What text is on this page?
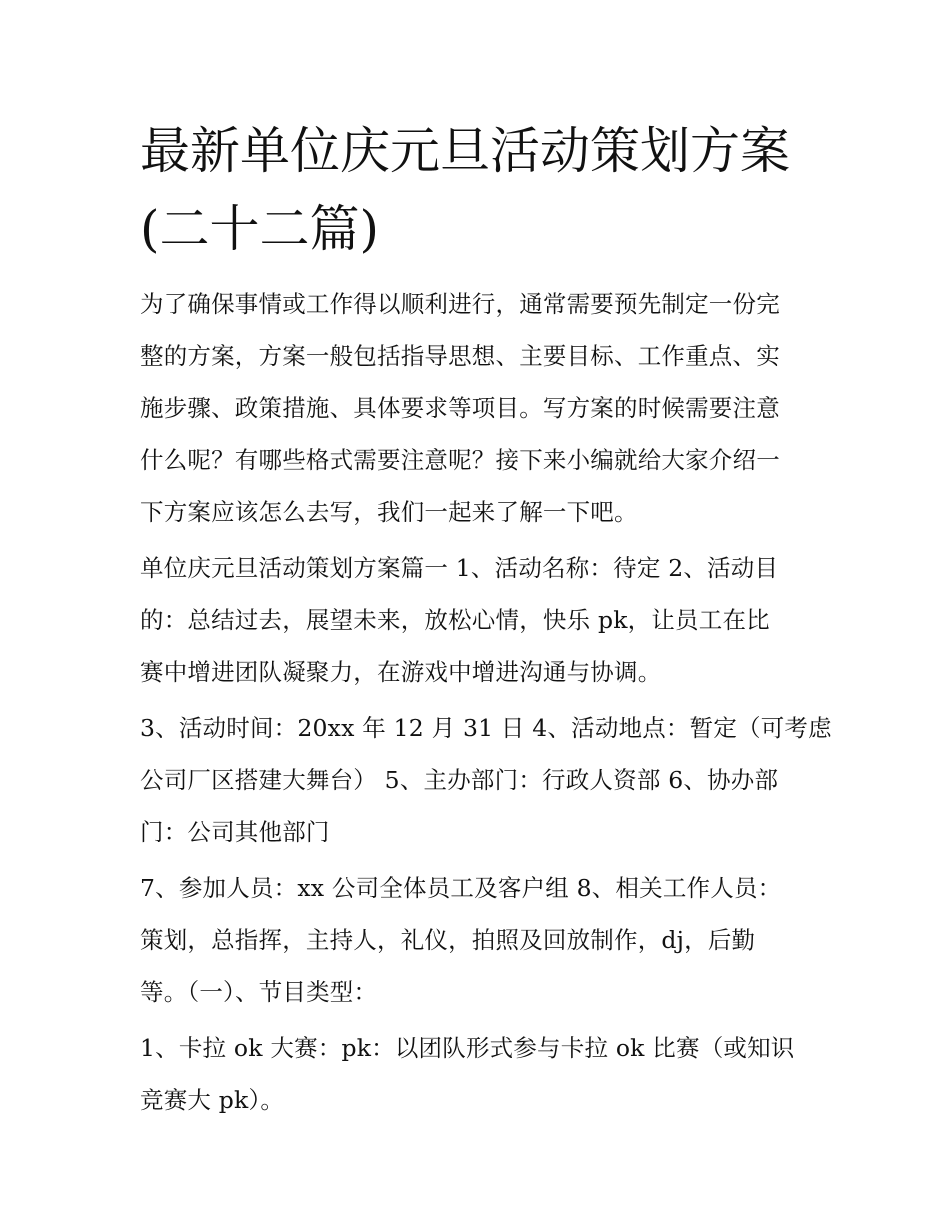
最新单位庆元旦活动策划方案
(二十二篇)

为了确保事情或工作得以顺利进行，通常需要预先制定一份完
整的方案，方案一般包括指导思想、主要目标、工作重点、实
施步骤、政策措施、具体要求等项目。写方案的时候需要注意
什么呢？有哪些格式需要注意呢？接下来小编就给大家介绍一
下方案应该怎么去写，我们一起来了解一下吧。

单位庆元旦活动策划方案篇一 1、活动名称：待定 2、活动目
的：总结过去，展望未来，放松心情，快乐 pk，让员工在比
赛中增进团队凝聚力，在游戏中增进沟通与协调。

3、活动时间：20xx 年 12 月 31 日 4、活动地点：暂定（可考虑
公司厂区搭建大舞台） 5、主办部门：行政人资部 6、协办部
门：公司其他部门

7、参加人员：xx 公司全体员工及客户组 8、相关工作人员：
策划，总指挥，主持人，礼仪，拍照及回放制作，dj，后勤
等。（一）、节目类型：

1、卡拉 ok 大赛：pk：以团队形式参与卡拉 ok 比赛（或知识
竞赛大 pk）。
